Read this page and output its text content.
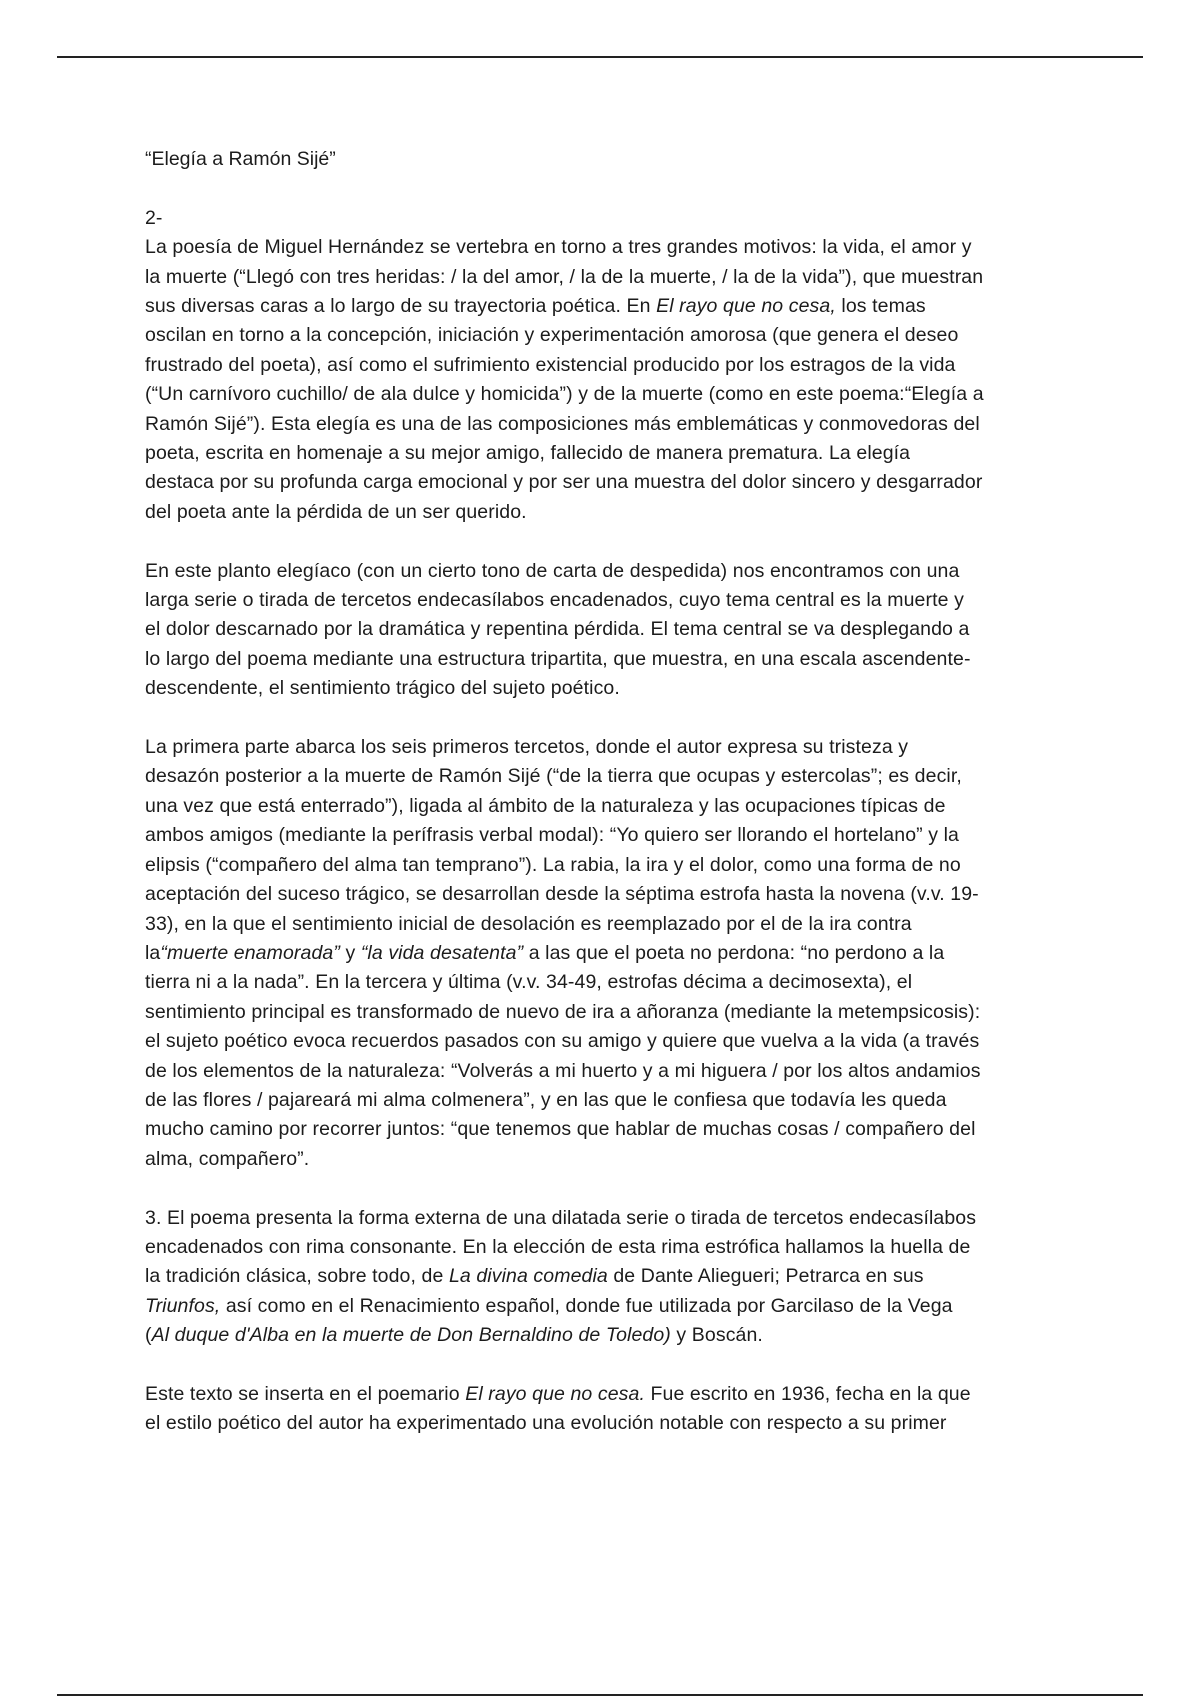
“Elegía a Ramón Sijé”

2-

La poesía de Miguel Hernández se vertebra en torno a tres grandes motivos: la vida, el amor y
la muerte (“Llegó con tres heridas: / la del amor, / la de la muerte, / la de la vida”), que muestran
sus diversas caras a lo largo de su trayectoria poética. En El rayo que no cesa, los temas
oscilan en torno a la concepción, iniciación y experimentación amorosa (que genera el deseo
frustrado del poeta), así como el sufrimiento existencial producido por los estragos de la vida
(“Un carnívoro cuchillo/ de ala dulce y homicida”) y de la muerte (como en este poema:“Elegía a
Ramón Sijé”). Esta elegía es una de las composiciones más emblemáticas y conmovedoras del
poeta, escrita en homenaje a su mejor amigo, fallecido de manera prematura. La elegía
destaca por su profunda carga emocional y por ser una muestra del dolor sincero y desgarrador
del poeta ante la pérdida de un ser querido.

En este planto elegíaco (con un cierto tono de carta de despedida) nos encontramos con una
larga serie o tirada de tercetos endecasílabos encadenados, cuyo tema central es la muerte y
el dolor descarnado por la dramática y repentina pérdida. El tema central se va desplegando a
lo largo del poema mediante una estructura tripartita, que muestra, en una escala ascendente-
descendente, el sentimiento trágico del sujeto poético.

La primera parte abarca los seis primeros tercetos, donde el autor expresa su tristeza y
desazón posterior a la muerte de Ramón Sijé (“de la tierra que ocupas y estercolas”; es decir,
una vez que está enterrado”), ligada al ámbito de la naturaleza y las ocupaciones típicas de
ambos amigos (mediante la perífrasis verbal modal): “Yo quiero ser llorando el hortelano” y la
elipsis (“compañero del alma tan temprano”). La rabia, la ira y el dolor, como una forma de no
aceptación del suceso trágico, se desarrollan desde la séptima estrofa hasta la novena (v.v. 19-
33), en la que el sentimiento inicial de desolación es reemplazado por el de la ira contra
la“muerte enamorada” y “la vida desatenta” a las que el poeta no perdona: “no perdono a la
tierra ni a la nada”. En la tercera y última (v.v. 34-49, estrofas décima a decimosexta), el
sentimiento principal es transformado de nuevo de ira a añoranza (mediante la metempsicosis):
el sujeto poético evoca recuerdos pasados con su amigo y quiere que vuelva a la vida (a través
de los elementos de la naturaleza: “Volverás a mi huerto y a mi higuera / por los altos andamios
de las flores / pajareará mi alma colmenera”, y en las que le confiesa que todavía les queda
mucho camino por recorrer juntos: “que tenemos que hablar de muchas cosas / compañero del
alma, compañero”.

3. El poema presenta la forma externa de una dilatada serie o tirada de tercetos endecasílabos
encadenados con rima consonante. En la elección de esta rima estrófica hallamos la huella de
la tradición clásica, sobre todo, de La divina comedia de Dante Aliegueri; Petrarca en sus
Triunfos, así como en el Renacimiento español, donde fue utilizada por Garcilaso de la Vega
(Al duque d'Alba en la muerte de Don Bernaldino de Toledo) y Boscán.

Este texto se inserta en el poemario El rayo que no cesa. Fue escrito en 1936, fecha en la que
el estilo poético del autor ha experimentado una evolución notable con respecto a su primer
